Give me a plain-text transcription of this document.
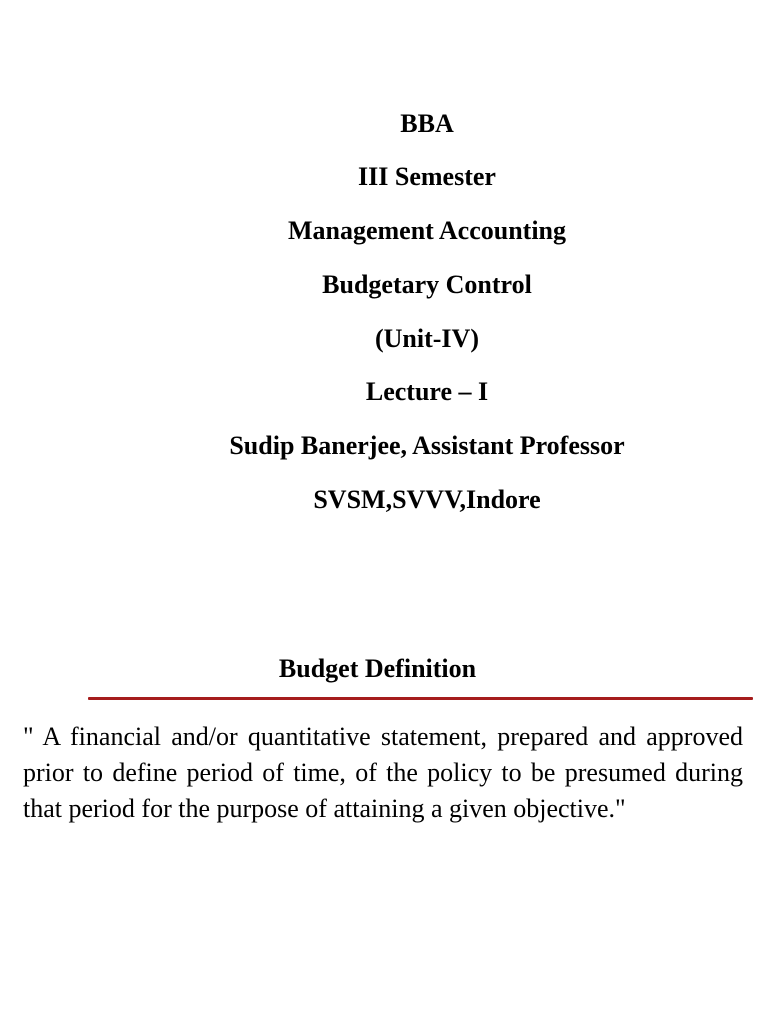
BBA
III Semester
Management Accounting
Budgetary Control
(Unit-IV)
Lecture – I
Sudip Banerjee, Assistant Professor
SVSM,SVVV,Indore
Budget Definition
" A financial and/or quantitative statement, prepared and approved prior to define period of time, of the policy to be presumed during that period for the purpose of attaining a given objective."
